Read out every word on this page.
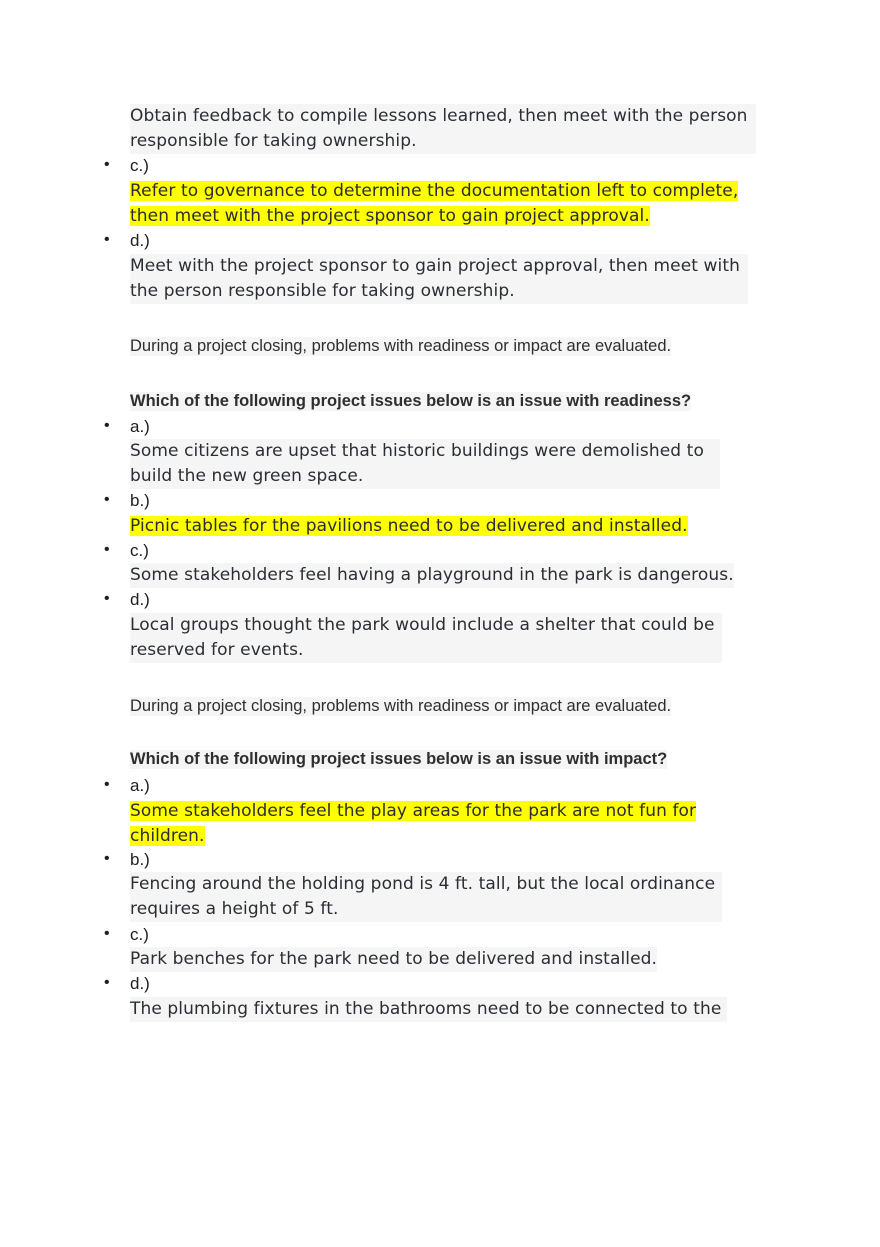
Obtain feedback to compile lessons learned, then meet with the person responsible for taking ownership.
• c.)
Refer to governance to determine the documentation left to complete, then meet with the project sponsor to gain project approval.
• d.)
Meet with the project sponsor to gain project approval, then meet with the person responsible for taking ownership.
During a project closing, problems with readiness or impact are evaluated.
Which of the following project issues below is an issue with readiness?
• a.)
Some citizens are upset that historic buildings were demolished to build the new green space.
• b.)
Picnic tables for the pavilions need to be delivered and installed.
• c.)
Some stakeholders feel having a playground in the park is dangerous.
• d.)
Local groups thought the park would include a shelter that could be reserved for events.
During a project closing, problems with readiness or impact are evaluated.
Which of the following project issues below is an issue with impact?
• a.)
Some stakeholders feel the play areas for the park are not fun for children.
• b.)
Fencing around the holding pond is 4 ft. tall, but the local ordinance requires a height of 5 ft.
• c.)
Park benches for the park need to be delivered and installed.
• d.)
The plumbing fixtures in the bathrooms need to be connected to the
